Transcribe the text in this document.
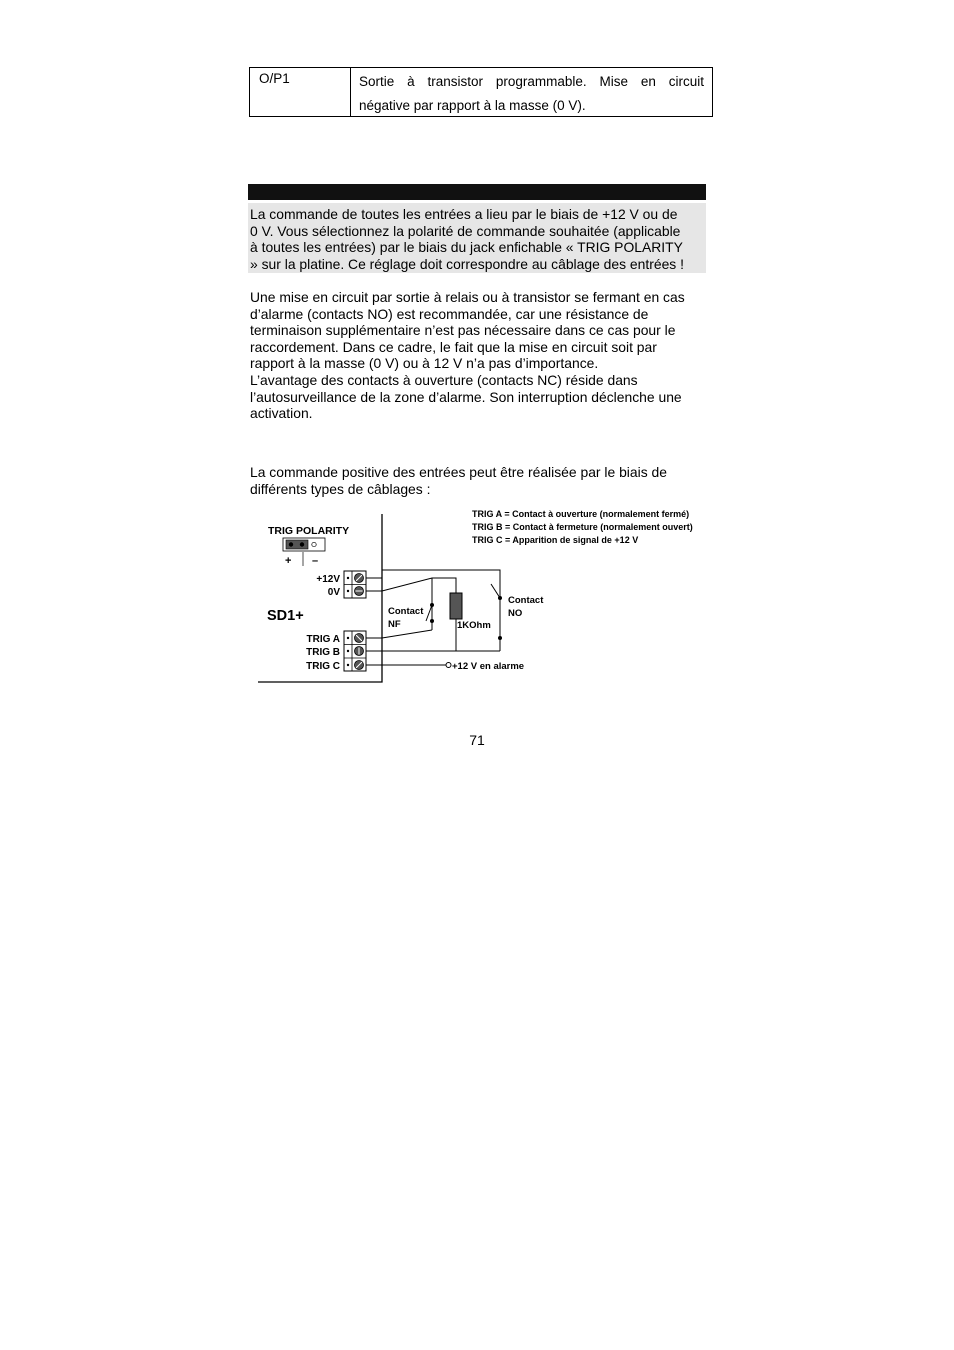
O/P1	Sortie à transistor programmable. Mise en circuit
négative par rapport à la masse (0 V).
La commande de toutes les entrées a lieu par le biais de +12 V ou de
0 V. Vous sélectionnez la polarité de commande souhaitée (applicable
à toutes les entrées) par le biais du jack enfichable « TRIG POLARITY
» sur la platine. Ce réglage doit correspondre au câblage des entrées !
Une mise en circuit par sortie à relais ou à transistor se fermant en cas
d’alarme (contacts NO) est recommandée, car une résistance de
terminaison supplémentaire n’est pas nécessaire dans ce cas pour le
raccordement. Dans ce cadre, le fait que la mise en circuit soit par
rapport à la masse (0 V) ou à 12 V n’a pas d’importance.
L’avantage des contacts à ouverture (contacts NC) réside dans
l’autosurveillance de la zone d’alarme. Son interruption déclenche une
activation.
La commande positive des entrées peut être réalisée par le biais de
différents types de câblages :
TRIG A = Contact à ouverture (normalement fermé)
TRIG B = Contact à fermeture (normalement ouvert)
TRIG C = Apparition de signal de +12 V
TRIG POLARITY
+ –
SD1+
+12V
0V
TRIG A
TRIG B
TRIG C
Contact
NF	1KOhm
Contact
NO
+12 V en alarme
71
